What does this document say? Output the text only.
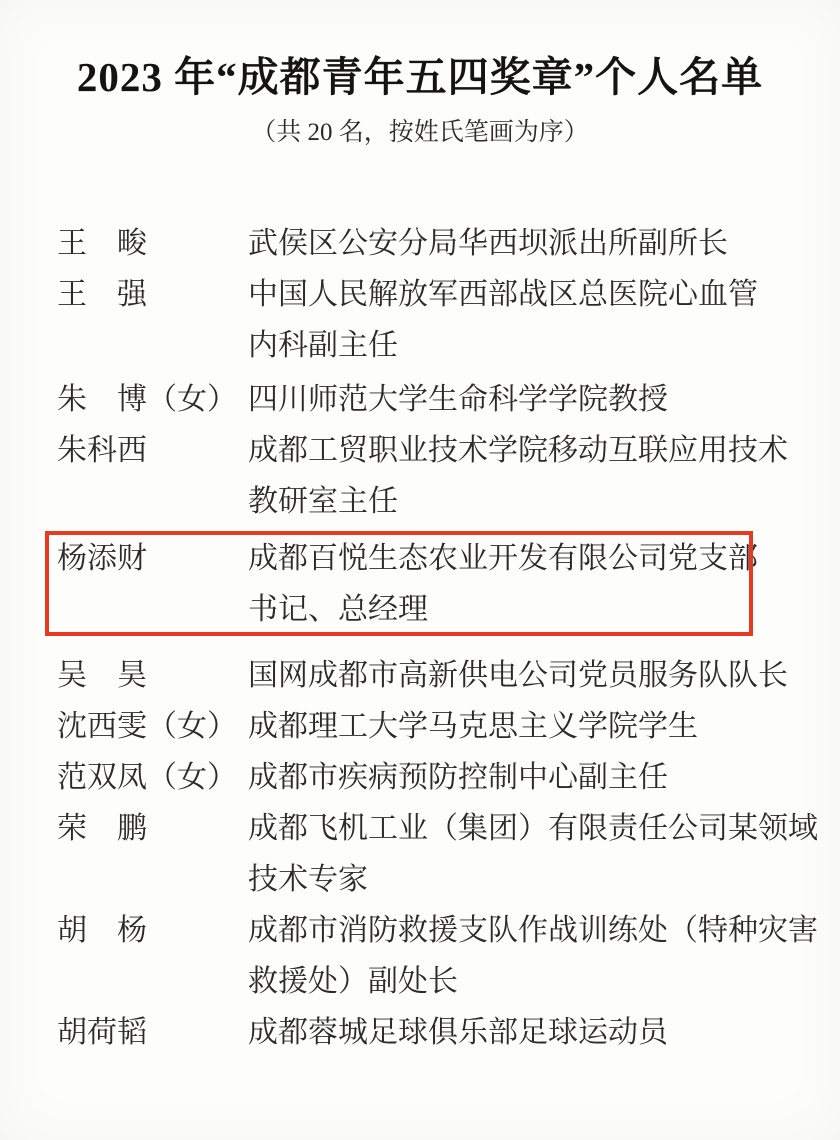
2023 年“成都青年五四奖章”个人名单
（共 20 名，按姓氏笔画为序）
王　畯	武侯区公安分局华西坝派出所副所长
王　强	中国人民解放军西部战区总医院心血管
内科副主任
朱　博（女） 四川师范大学生命科学学院教授
朱科西	成都工贸职业技术学院移动互联应用技术
教研室主任
杨添财	成都百悦生态农业开发有限公司党支部
书记、总经理
吴　昊	国网成都市高新供电公司党员服务队队长
沈西雯（女） 成都理工大学马克思主义学院学生
范双凤（女） 成都市疾病预防控制中心副主任
荣　鹏	成都飞机工业（集团）有限责任公司某领域
技术专家
胡　杨	成都市消防救援支队作战训练处（特种灾害
救援处）副处长
胡荷韬	成都蓉城足球俱乐部足球运动员
